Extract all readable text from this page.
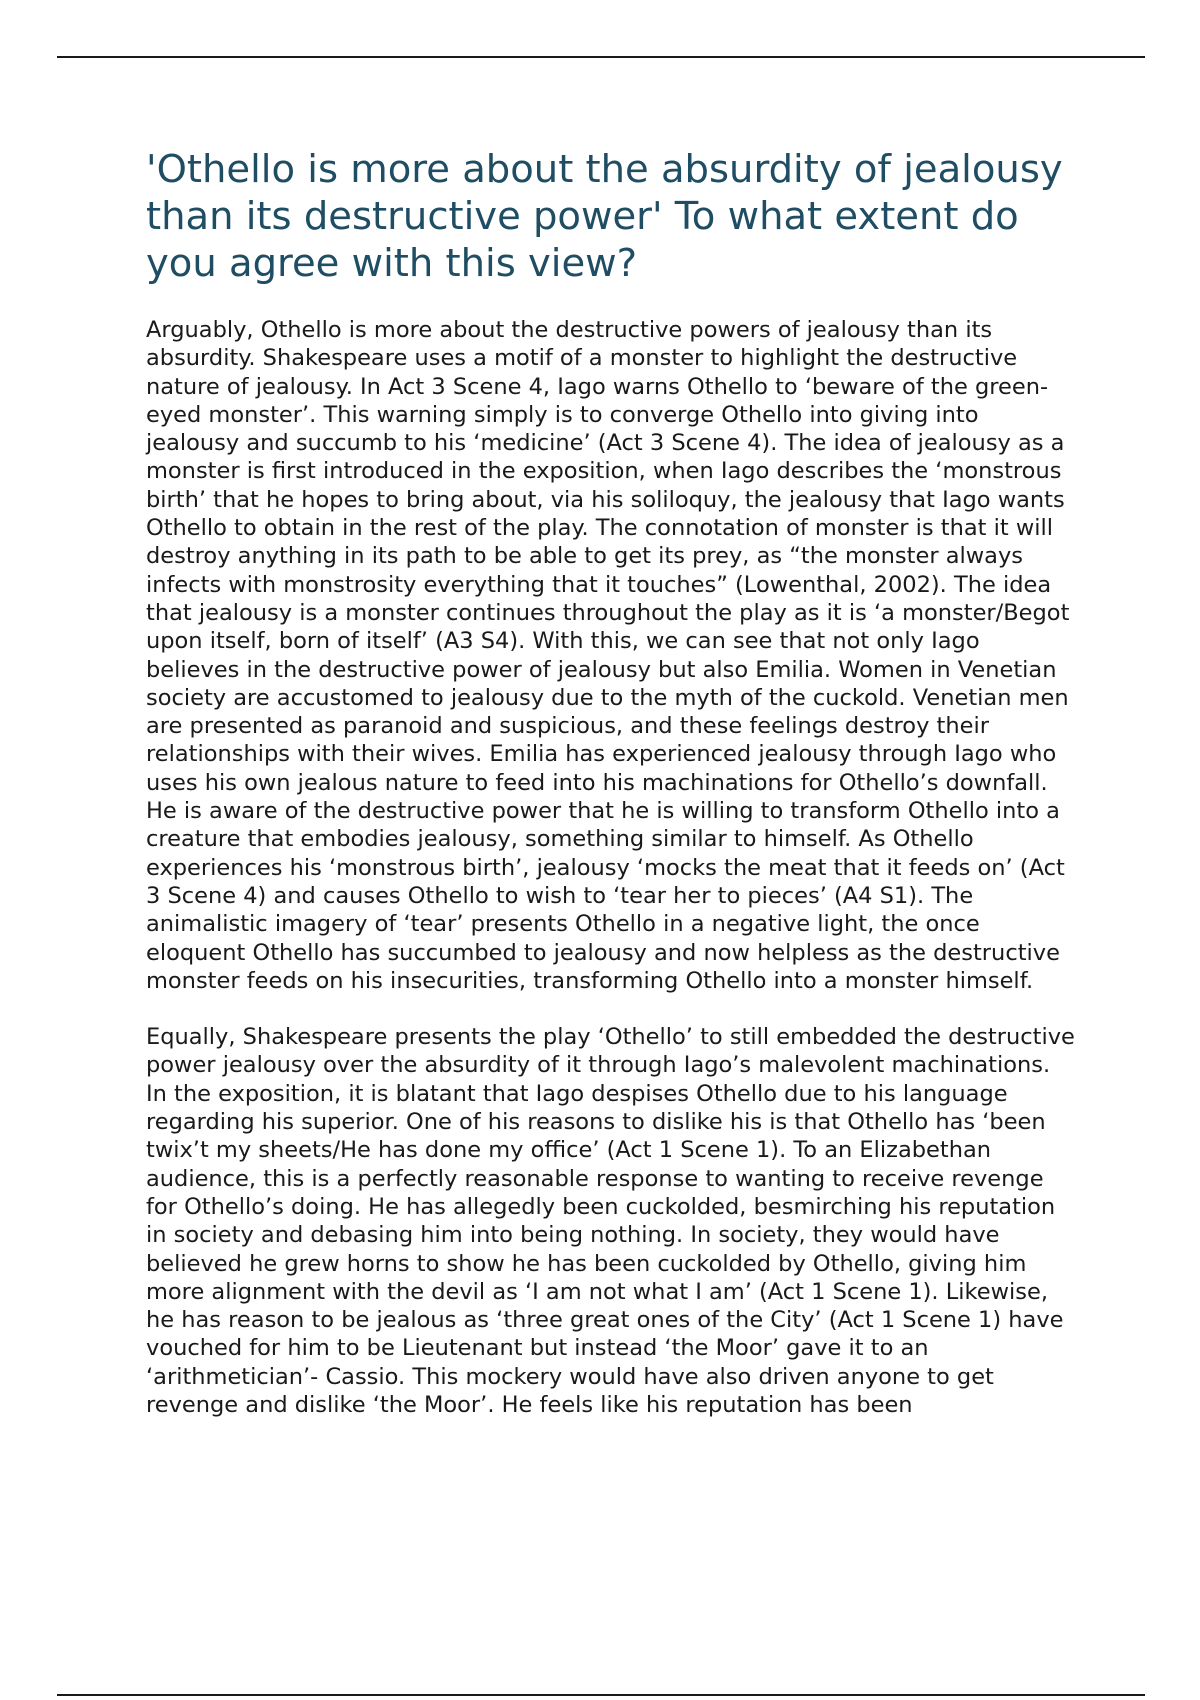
'Othello is more about the absurdity of jealousy than its destructive power' To what extent do you agree with this view?

Arguably, Othello is more about the destructive powers of jealousy than its absurdity. Shakespeare uses a motif of a monster to highlight the destructive nature of jealousy. In Act 3 Scene 4, Iago warns Othello to ‘beware of the green-eyed monster’. This warning simply is to converge Othello into giving into jealousy and succumb to his ‘medicine’ (Act 3 Scene 4). The idea of jealousy as a monster is first introduced in the exposition, when Iago describes the ‘monstrous birth’ that he hopes to bring about, via his soliloquy, the jealousy that Iago wants Othello to obtain in the rest of the play. The connotation of monster is that it will destroy anything in its path to be able to get its prey, as “the monster always infects with monstrosity everything that it touches” (Lowenthal, 2002). The idea that jealousy is a monster continues throughout the play as it is ‘a monster/Begot upon itself, born of itself’ (A3 S4). With this, we can see that not only Iago believes in the destructive power of jealousy but also Emilia. Women in Venetian society are accustomed to jealousy due to the myth of the cuckold. Venetian men are presented as paranoid and suspicious, and these feelings destroy their relationships with their wives. Emilia has experienced jealousy through Iago who uses his own jealous nature to feed into his machinations for Othello’s downfall. He is aware of the destructive power that he is willing to transform Othello into a creature that embodies jealousy, something similar to himself. As Othello experiences his ‘monstrous birth’, jealousy ‘mocks the meat that it feeds on’ (Act 3 Scene 4) and causes Othello to wish to ‘tear her to pieces’ (A4 S1). The animalistic imagery of ‘tear’ presents Othello in a negative light, the once eloquent Othello has succumbed to jealousy and now helpless as the destructive monster feeds on his insecurities, transforming Othello into a monster himself.

Equally, Shakespeare presents the play ‘Othello’ to still embedded the destructive power jealousy over the absurdity of it through Iago’s malevolent machinations. In the exposition, it is blatant that Iago despises Othello due to his language regarding his superior. One of his reasons to dislike his is that Othello has ‘been twix’t my sheets/He has done my office’ (Act 1 Scene 1). To an Elizabethan audience, this is a perfectly reasonable response to wanting to receive revenge for Othello’s doing. He has allegedly been cuckolded, besmirching his reputation in society and debasing him into being nothing. In society, they would have believed he grew horns to show he has been cuckolded by Othello, giving him more alignment with the devil as ‘I am not what I am’ (Act 1 Scene 1). Likewise, he has reason to be jealous as ‘three great ones of the City’ (Act 1 Scene 1) have vouched for him to be Lieutenant but instead ‘the Moor’ gave it to an ‘arithmetician’- Cassio. This mockery would have also driven anyone to get revenge and dislike ‘the Moor’. He feels like his reputation has been
